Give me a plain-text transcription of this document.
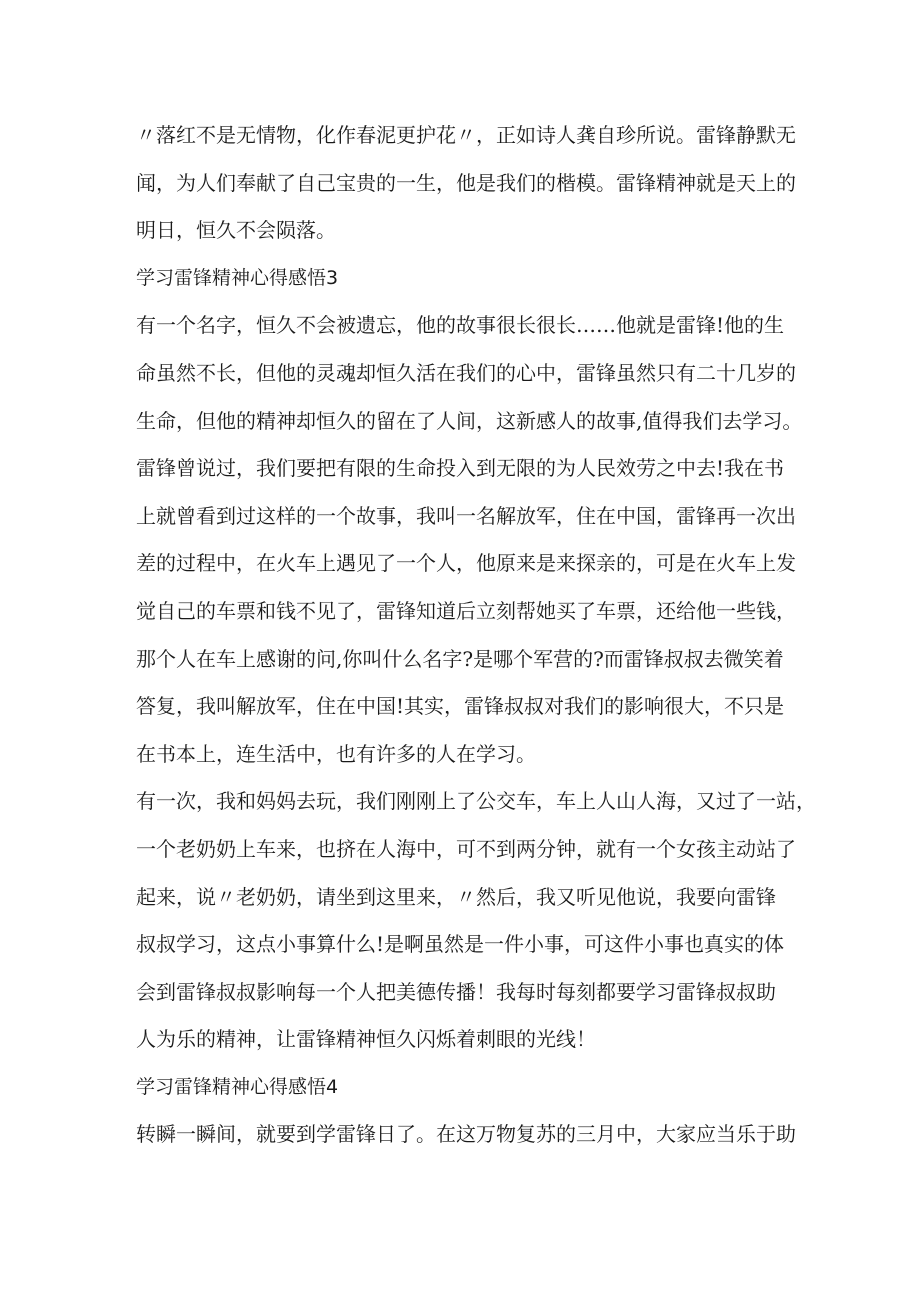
〃落红不是无情物，化作春泥更护花〃，正如诗人龚自珍所说。雷锋静默无
闻，为人们奉献了自己宝贵的一生，他是我们的楷模。雷锋精神就是天上的
明日，恒久不会陨落。

学习雷锋精神心得感悟3

有一个名字，恒久不会被遗忘，他的故事很长很长……他就是雷锋!他的生
命虽然不长，但他的灵魂却恒久活在我们的心中，雷锋虽然只有二十几岁的
生命，但他的精神却恒久的留在了人间，这新感人的故事,值得我们去学习。
雷锋曾说过，我们要把有限的生命投入到无限的为人民效劳之中去!我在书
上就曾看到过这样的一个故事，我叫一名解放军，住在中国，雷锋再一次出
差的过程中，在火车上遇见了一个人，他原来是来探亲的，可是在火车上发
觉自己的车票和钱不见了，雷锋知道后立刻帮她买了车票，还给他一些钱，
那个人在车上感谢的问,你叫什么名字?是哪个军营的?而雷锋叔叔去微笑着
答复，我叫解放军，住在中国!其实，雷锋叔叔对我们的影响很大，不只是
在书本上，连生活中，也有许多的人在学习。

有一次，我和妈妈去玩，我们刚刚上了公交车，车上人山人海，又过了一站，
一个老奶奶上车来，也挤在人海中，可不到两分钟，就有一个女孩主动站了
起来，说〃老奶奶，请坐到这里来，〃然后，我又听见他说，我要向雷锋
叔叔学习，这点小事算什么!是啊虽然是一件小事，可这件小事也真实的体
会到雷锋叔叔影响每一个人把美德传播！我每时每刻都要学习雷锋叔叔助
人为乐的精神，让雷锋精神恒久闪烁着刺眼的光线！

学习雷锋精神心得感悟4

转瞬一瞬间，就要到学雷锋日了。在这万物复苏的三月中，大家应当乐于助
